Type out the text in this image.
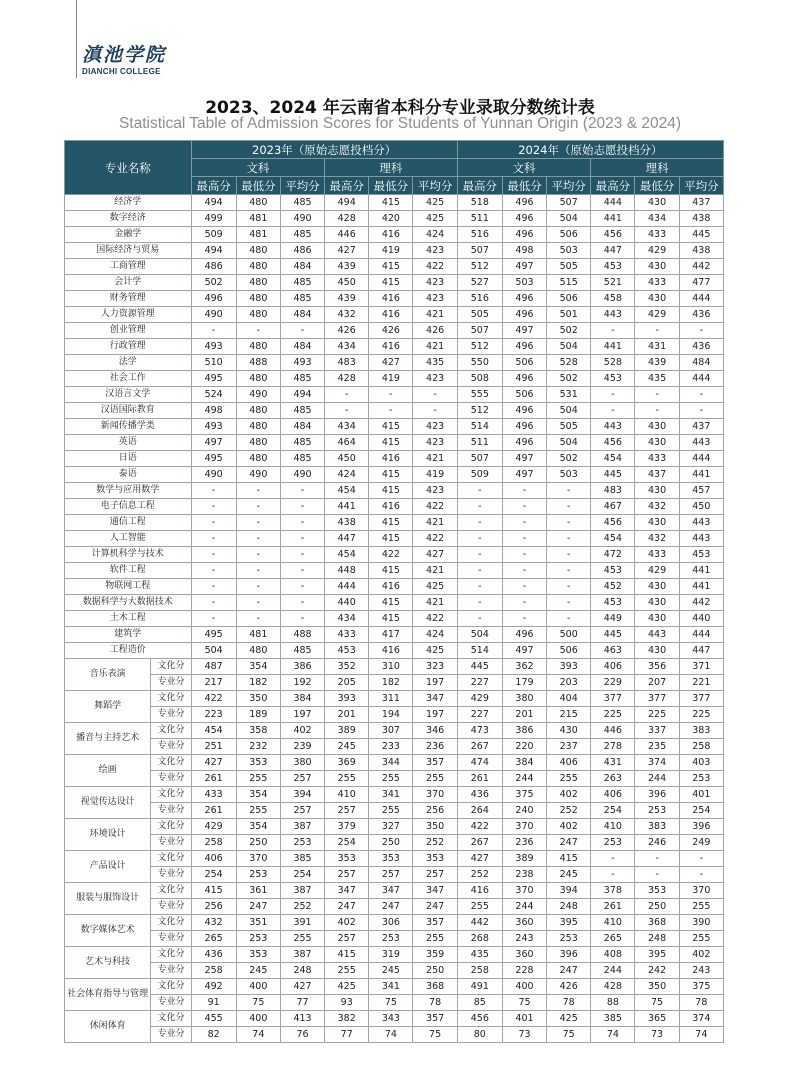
滇池学院
DIANCHI COLLEGE
2023、2024 年云南省本科分专业录取分数统计表
Statistical Table of Admission Scores for Students of Yunnan Origin (2023 & 2024)
专业名称		2023年（原始志愿投档分）						2024年（原始志愿投档分）					
		文科			理科			文科			理科		
		最高分	最低分	平均分	最高分	最低分	平均分	最高分	最低分	平均分	最高分	最低分	平均分
经济学		494	480	485	494	415	425	518	496	507	444	430	437
数字经济		499	481	490	428	420	425	511	496	504	441	434	438
金融学		509	481	485	446	416	424	516	496	506	456	433	445
国际经济与贸易		494	480	486	427	419	423	507	498	503	447	429	438
工商管理		486	480	484	439	415	422	512	497	505	453	430	442
会计学		502	480	485	450	415	423	527	503	515	521	433	477
财务管理		496	480	485	439	416	423	516	496	506	458	430	444
人力资源管理		490	480	484	432	416	421	505	496	501	443	429	436
创业管理		-	-	-	426	426	426	507	497	502	-	-	-
行政管理		493	480	484	434	416	421	512	496	504	441	431	436
法学		510	488	493	483	427	435	550	506	528	528	439	484
社会工作		495	480	485	428	419	423	508	496	502	453	435	444
汉语言文学		524	490	494	-	-	-	555	506	531	-	-	-
汉语国际教育		498	480	485	-	-	-	512	496	504	-	-	-
新闻传播学类		493	480	484	434	415	423	514	496	505	443	430	437
英语		497	480	485	464	415	423	511	496	504	456	430	443
日语		495	480	485	450	416	421	507	497	502	454	433	444
泰语		490	490	490	424	415	419	509	497	503	445	437	441
数学与应用数学		-	-	-	454	415	423	-	-	-	483	430	457
电子信息工程		-	-	-	441	416	422	-	-	-	467	432	450
通信工程		-	-	-	438	415	421	-	-	-	456	430	443
人工智能		-	-	-	447	415	422	-	-	-	454	432	443
计算机科学与技术		-	-	-	454	422	427	-	-	-	472	433	453
软件工程		-	-	-	448	415	421	-	-	-	453	429	441
物联网工程		-	-	-	444	416	425	-	-	-	452	430	441
数据科学与大数据技术		-	-	-	440	415	421	-	-	-	453	430	442
土木工程		-	-	-	434	415	422	-	-	-	449	430	440
建筑学		495	481	488	433	417	424	504	496	500	445	443	444
工程造价		504	480	485	453	416	425	514	497	506	463	430	447
音乐表演	文化分	487	354	386	352	310	323	445	362	393	406	356	371
	专业分	217	182	192	205	182	197	227	179	203	229	207	221
舞蹈学	文化分	422	350	384	393	311	347	429	380	404	377	377	377
	专业分	223	189	197	201	194	197	227	201	215	225	225	225
播音与主持艺术	文化分	454	358	402	389	307	346	473	386	430	446	337	383
	专业分	251	232	239	245	233	236	267	220	237	278	235	258
绘画	文化分	427	353	380	369	344	357	474	384	406	431	374	403
	专业分	261	255	257	255	255	255	261	244	255	263	244	253
视觉传达设计	文化分	433	354	394	410	341	370	436	375	402	406	396	401
	专业分	261	255	257	257	255	256	264	240	252	254	253	254
环境设计	文化分	429	354	387	379	327	350	422	370	402	410	383	396
	专业分	258	250	253	254	250	252	267	236	247	253	246	249
产品设计	文化分	406	370	385	353	353	353	427	389	415	-	-	-
	专业分	254	253	254	257	257	257	252	238	245	-	-	-
服装与服饰设计	文化分	415	361	387	347	347	347	416	370	394	378	353	370
	专业分	256	247	252	247	247	247	255	244	248	261	250	255
数字媒体艺术	文化分	432	351	391	402	306	357	442	360	395	410	368	390
	专业分	265	253	255	257	253	255	268	243	253	265	248	255
艺术与科技	文化分	436	353	387	415	319	359	435	360	396	408	395	402
	专业分	258	245	248	255	245	250	258	228	247	244	242	243
社会体育指导与管理	文化分	492	400	427	425	341	368	491	400	426	428	350	375
	专业分	91	75	77	93	75	78	85	75	78	88	75	78
休闲体育	文化分	455	400	413	382	343	357	456	401	425	385	365	374
	专业分	82	74	76	77	74	75	80	73	75	74	73	74
